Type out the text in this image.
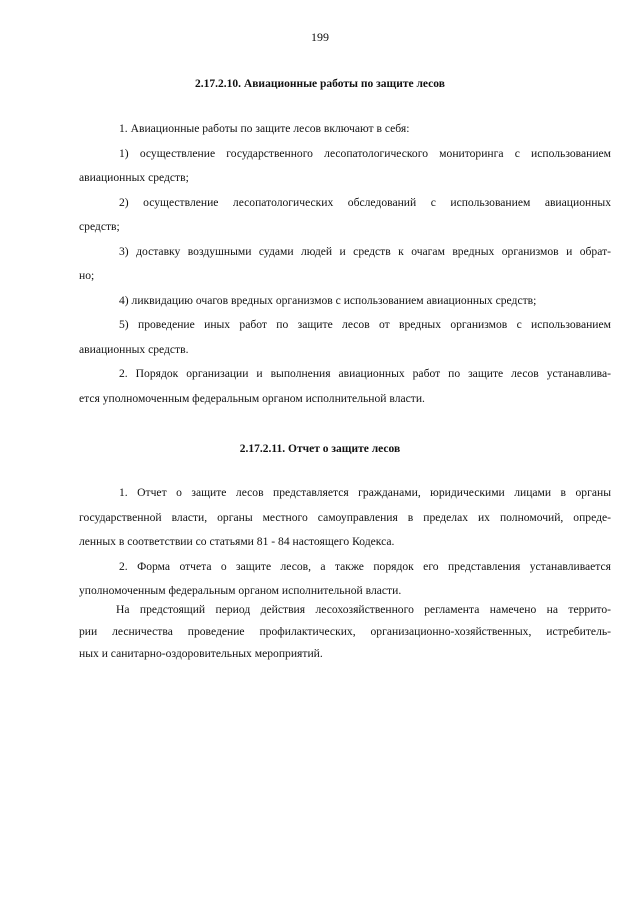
199
2.17.2.10. Авиационные работы по защите лесов
1. Авиационные работы по защите лесов включают в себя:
1) осуществление государственного лесопатологического мониторинга с использованием
авиационных средств;
2) осуществление лесопатологических обследований с использованием авиационных
средств;
3) доставку воздушными судами людей и средств к очагам вредных организмов и обрат-
но;
4) ликвидацию очагов вредных организмов с использованием авиационных средств;
5) проведение иных работ по защите лесов от вредных организмов с использованием
авиационных средств.
2. Порядок организации и выполнения авиационных работ по защите лесов устанавлива-
ется уполномоченным федеральным органом исполнительной власти.
2.17.2.11. Отчет о защите лесов
1. Отчет о защите лесов представляется гражданами, юридическими лицами в органы
государственной власти, органы местного самоуправления в пределах их полномочий, опреде-
ленных в соответствии со статьями 81 - 84 настоящего Кодекса.
2. Форма отчета о защите лесов, а также порядок его представления устанавливается
уполномоченным федеральным органом исполнительной власти.
На предстоящий период действия лесохозяйственного регламента намечено на террито-
рии лесничества проведение профилактических, организационно-хозяйственных, истребитель-
ных и санитарно-оздоровительных мероприятий.
